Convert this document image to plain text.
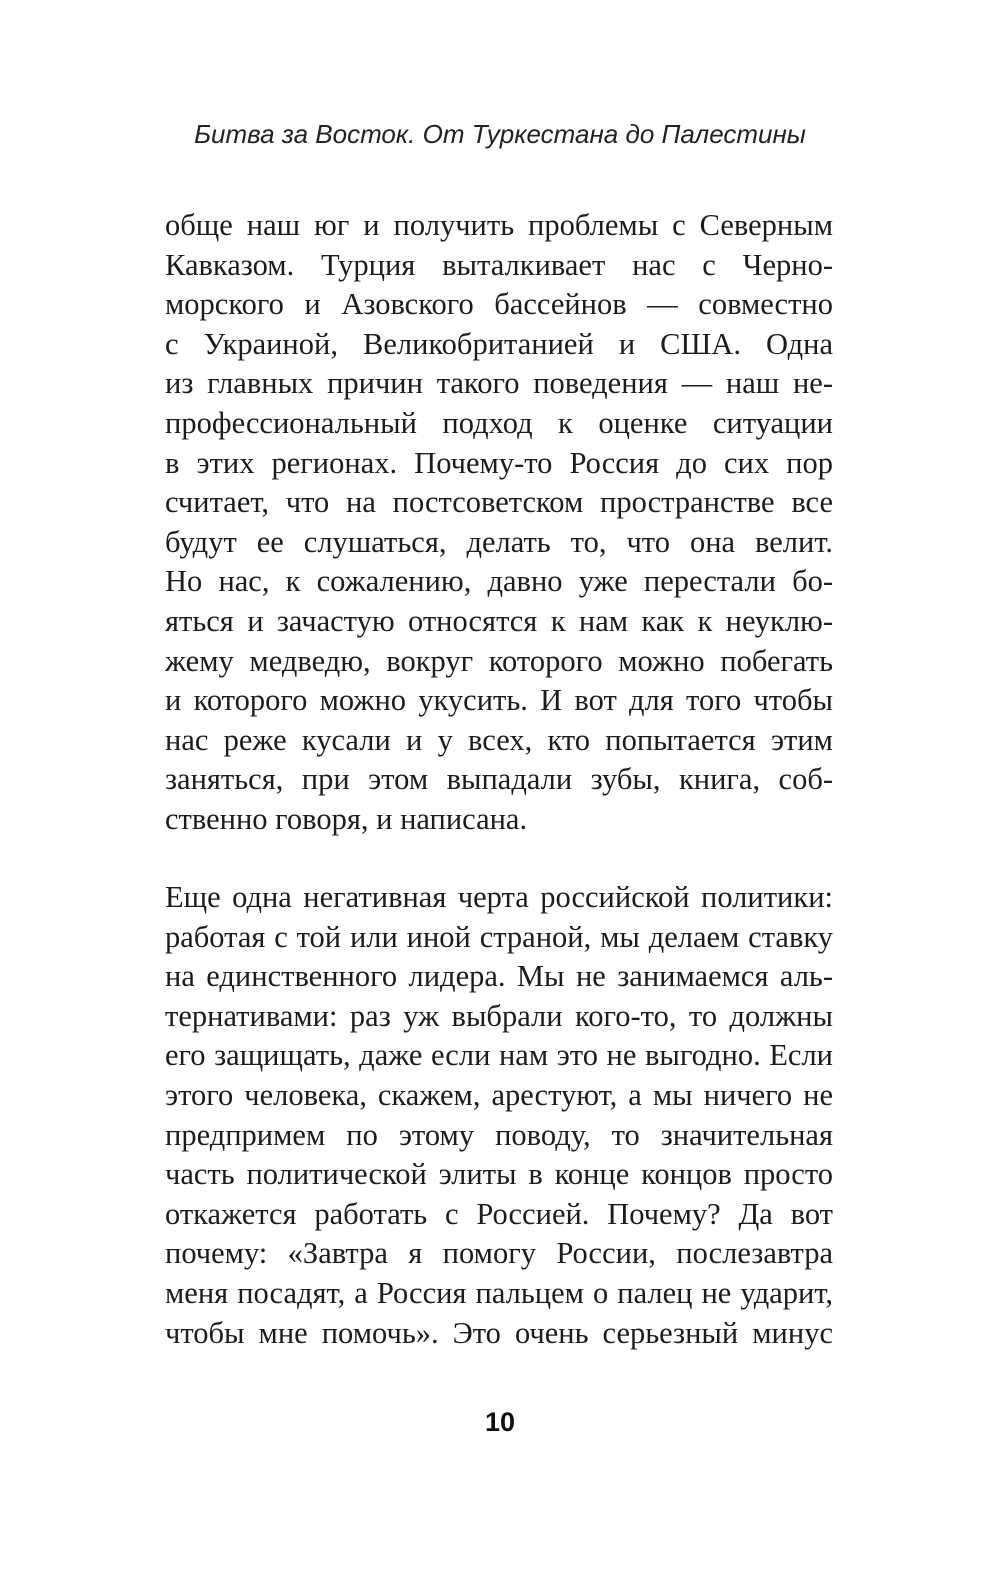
Битва за Восток. От Туркестана до Палестины
обще наш юг и получить проблемы с Северным
Кавказом. Турция выталкивает нас с Черно-
морского и Азовского бассейнов — совместно
с Украиной, Великобританией и США. Одна
из главных причин такого поведения — наш не-
профессиональный подход к оценке ситуации
в этих регионах. Почему-то Россия до сих пор
считает, что на постсоветском пространстве все
будут ее слушаться, делать то, что она велит.
Но нас, к сожалению, давно уже перестали бо-
яться и зачастую относятся к нам как к неуклю-
жему медведю, вокруг которого можно побегать
и которого можно укусить. И вот для того чтобы
нас реже кусали и у всех, кто попытается этим
заняться, при этом выпадали зубы, книга, соб-
ственно говоря, и написана.
Еще одна негативная черта российской политики:
работая с той или иной страной, мы делаем ставку
на единственного лидера. Мы не занимаемся аль-
тернативами: раз уж выбрали кого-то, то должны
его защищать, даже если нам это не выгодно. Если
этого человека, скажем, арестуют, а мы ничего не
предпримем по этому поводу, то значительная
часть политической элиты в конце концов просто
откажется работать с Россией. Почему? Да вот
почему: «Завтра я помогу России, послезавтра
меня посадят, а Россия пальцем о палец не ударит,
чтобы мне помочь». Это очень серьезный минус
10
